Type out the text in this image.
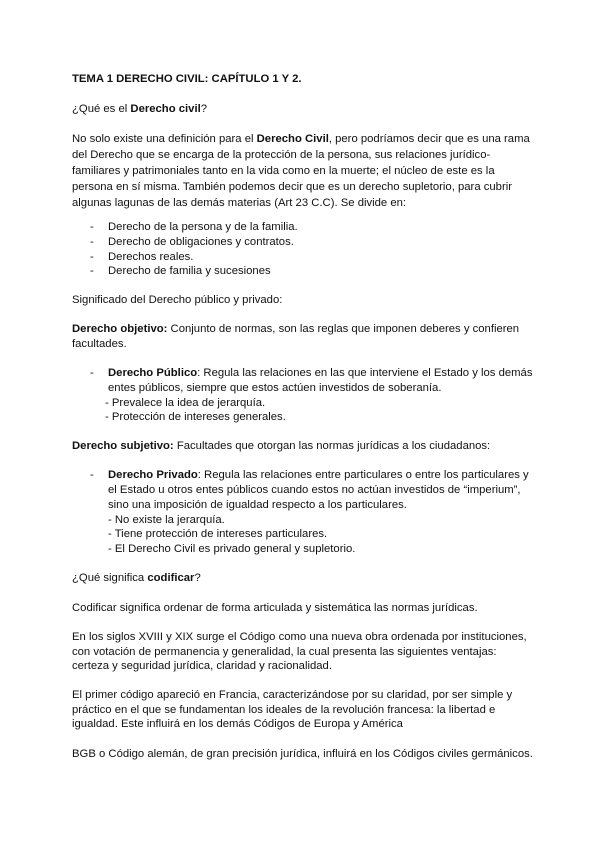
TEMA 1 DERECHO CIVIL: CAPÍTULO 1 Y 2.
¿Qué es el Derecho civil?
No solo existe una definición para el Derecho Civil, pero podríamos decir que es una rama
del Derecho que se encarga de la protección de la persona, sus relaciones jurídico-
familiares y patrimoniales tanto en la vida como en la muerte; el núcleo de este es la
persona en sí misma. También podemos decir que es un derecho supletorio, para cubrir
algunas lagunas de las demás materias (Art 23 C.C). Se divide en:
- Derecho de la persona y de la familia.
- Derecho de obligaciones y contratos.
- Derechos reales.
- Derecho de familia y sucesiones
Significado del Derecho público y privado:
Derecho objetivo: Conjunto de normas, son las reglas que imponen deberes y confieren
facultades.
- Derecho Público: Regula las relaciones en las que interviene el Estado y los demás
entes públicos, siempre que estos actúen investidos de soberanía.
- Prevalece la idea de jerarquía.
- Protección de intereses generales.
Derecho subjetivo: Facultades que otorgan las normas jurídicas a los ciudadanos:
- Derecho Privado: Regula las relaciones entre particulares o entre los particulares y
el Estado u otros entes públicos cuando estos no actúan investidos de “imperium”,
sino una imposición de igualdad respecto a los particulares.
- No existe la jerarquía.
- Tiene protección de intereses particulares.
- El Derecho Civil es privado general y supletorio.
¿Qué significa codificar?
Codificar significa ordenar de forma articulada y sistemática las normas jurídicas.
En los siglos XVIII y XIX surge el Código como una nueva obra ordenada por instituciones,
con votación de permanencia y generalidad, la cual presenta las siguientes ventajas:
certeza y seguridad jurídica, claridad y racionalidad.
El primer código apareció en Francia, caracterizándose por su claridad, por ser simple y
práctico en el que se fundamentan los ideales de la revolución francesa: la libertad e
igualdad. Este influirá en los demás Códigos de Europa y América
BGB o Código alemán, de gran precisión jurídica, influirá en los Códigos civiles germánicos.
